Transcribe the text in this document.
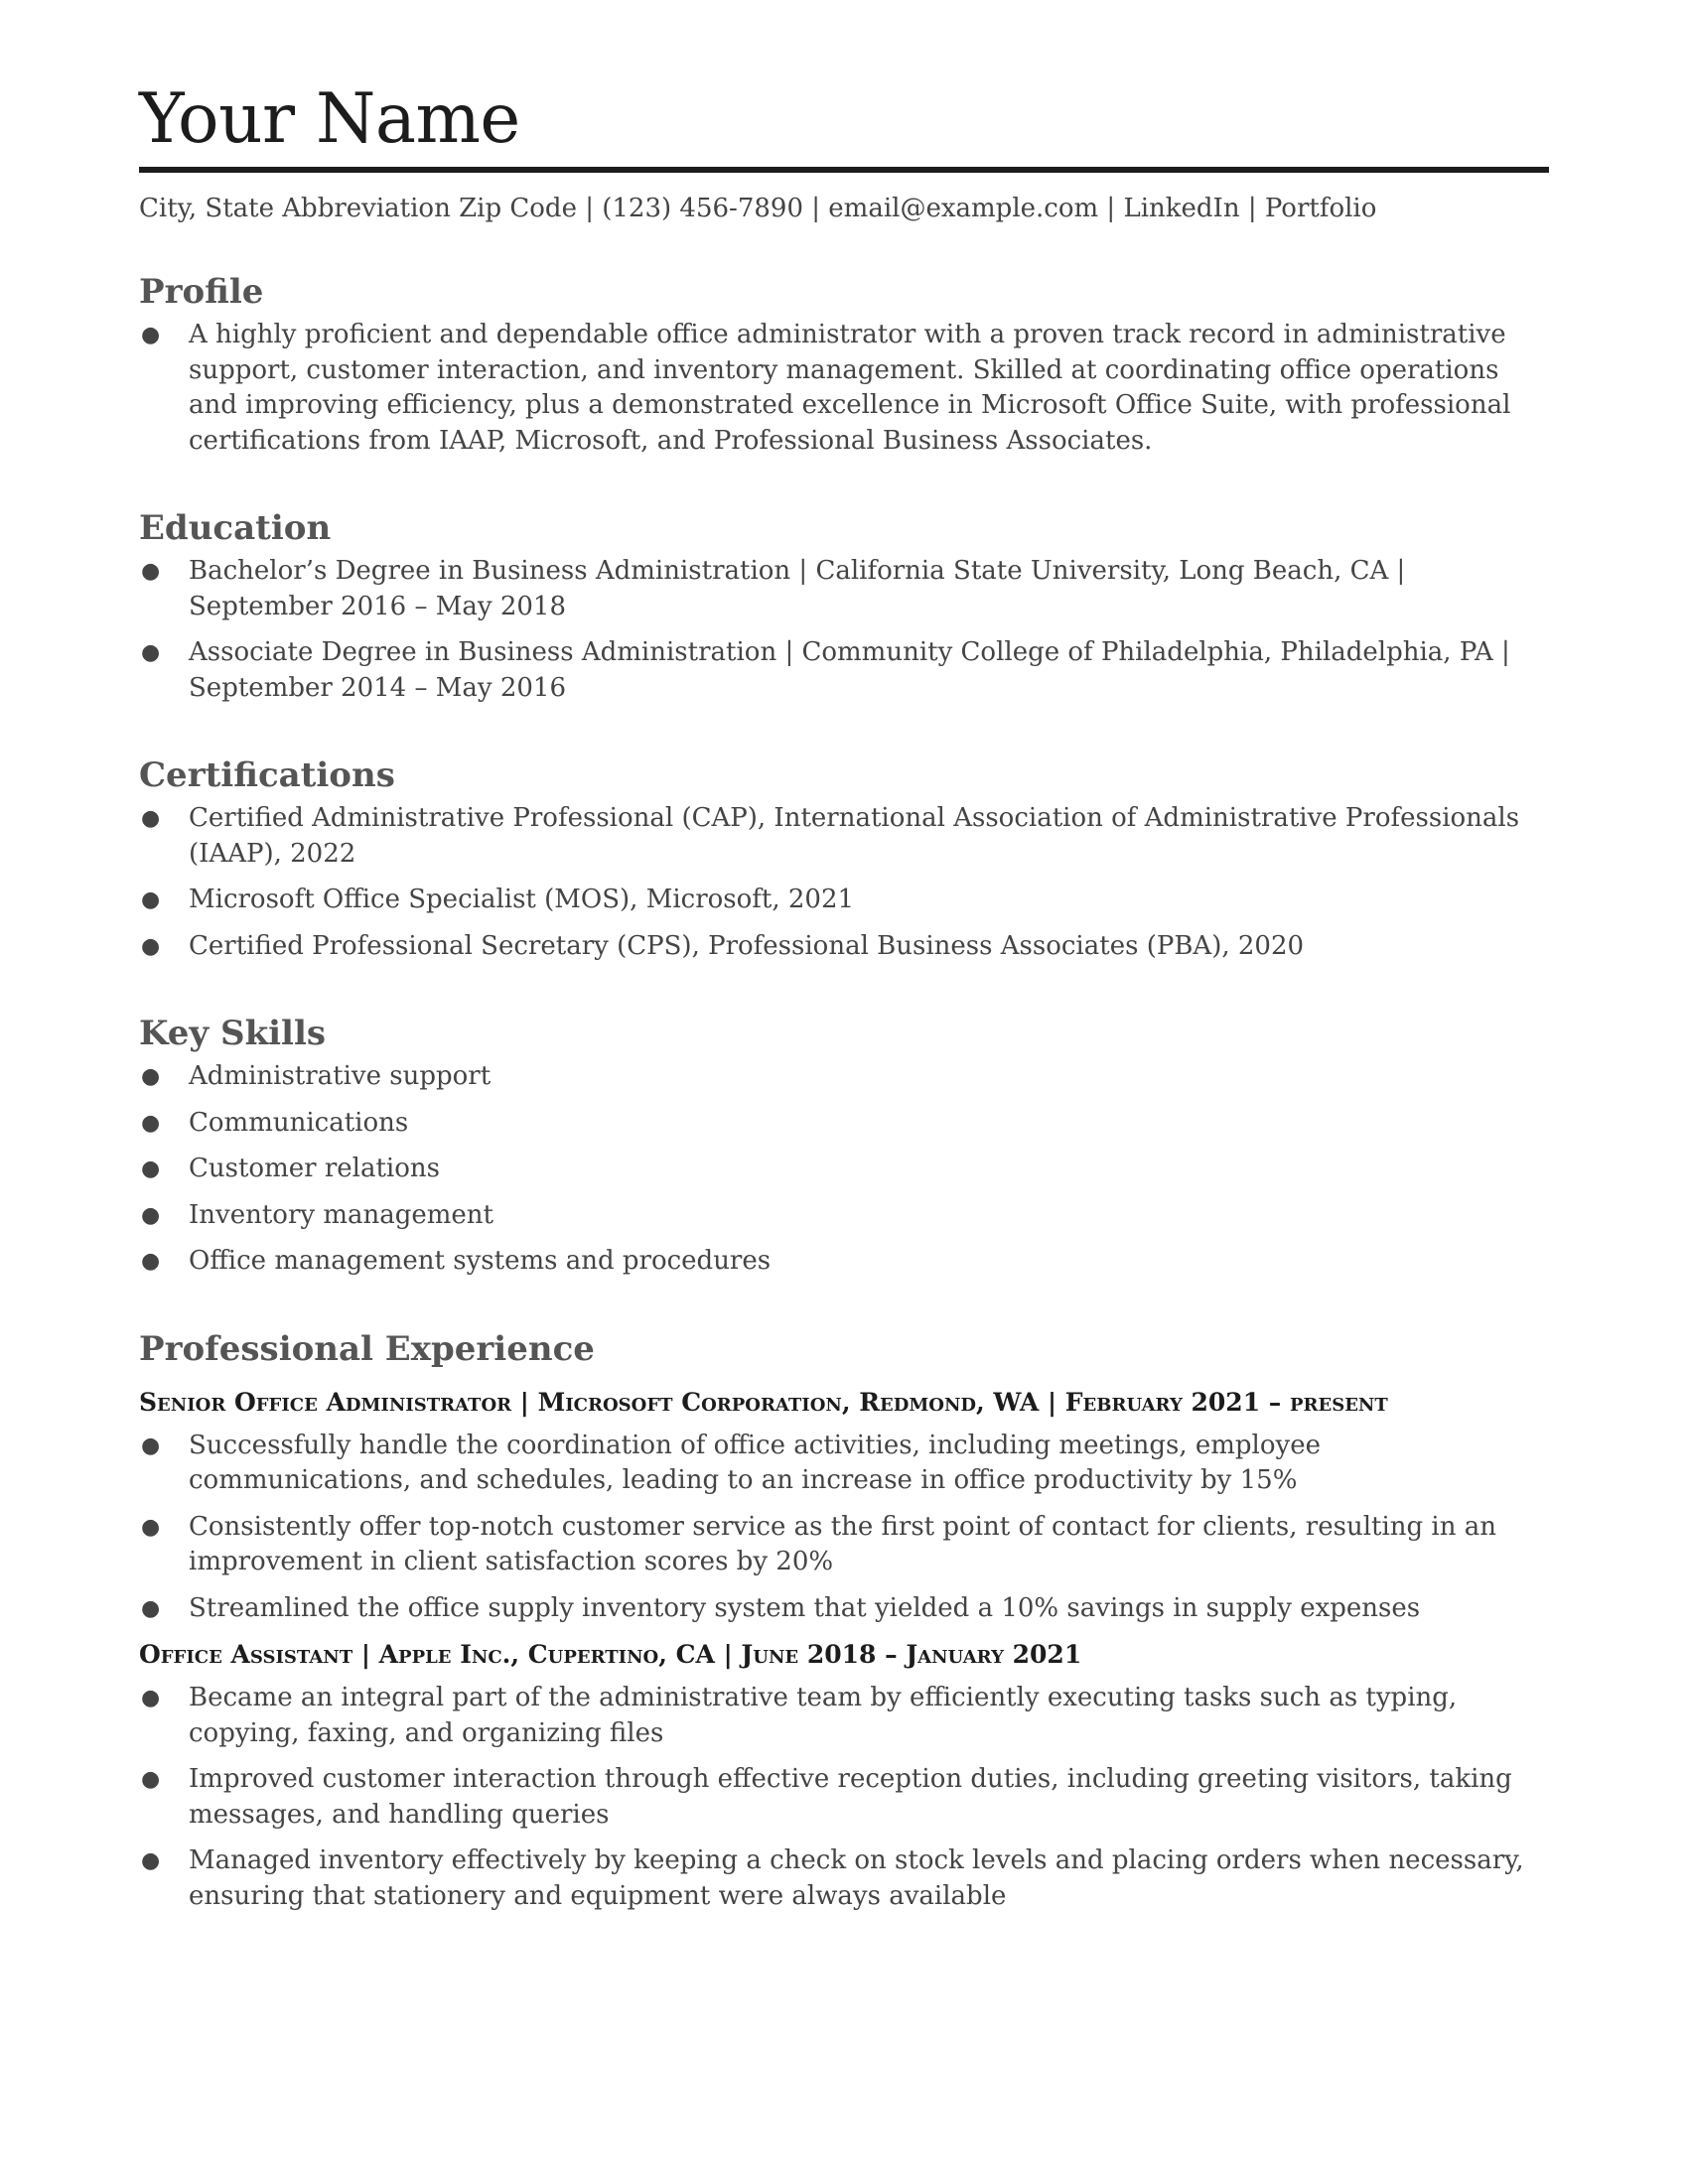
Your Name
City, State Abbreviation Zip Code | (123) 456-7890 | email@example.com | LinkedIn | Portfolio
Profile
● A highly proficient and dependable office administrator with a proven track record in administrative support, customer interaction, and inventory management. Skilled at coordinating office operations and improving efficiency, plus a demonstrated excellence in Microsoft Office Suite, with professional certifications from IAAP, Microsoft, and Professional Business Associates.
Education
● Bachelor’s Degree in Business Administration | California State University, Long Beach, CA | September 2016 – May 2018
● Associate Degree in Business Administration | Community College of Philadelphia, Philadelphia, PA | September 2014 – May 2016
Certifications
● Certified Administrative Professional (CAP), International Association of Administrative Professionals (IAAP), 2022
● Microsoft Office Specialist (MOS), Microsoft, 2021
● Certified Professional Secretary (CPS), Professional Business Associates (PBA), 2020
Key Skills
● Administrative support
● Communications
● Customer relations
● Inventory management
● Office management systems and procedures
Professional Experience
Senior Office Administrator | Microsoft Corporation, Redmond, WA | February 2021 – present
● Successfully handle the coordination of office activities, including meetings, employee communications, and schedules, leading to an increase in office productivity by 15%
● Consistently offer top-notch customer service as the first point of contact for clients, resulting in an improvement in client satisfaction scores by 20%
● Streamlined the office supply inventory system that yielded a 10% savings in supply expenses
Office Assistant | Apple Inc., Cupertino, CA | June 2018 – January 2021
● Became an integral part of the administrative team by efficiently executing tasks such as typing, copying, faxing, and organizing files
● Improved customer interaction through effective reception duties, including greeting visitors, taking messages, and handling queries
● Managed inventory effectively by keeping a check on stock levels and placing orders when necessary, ensuring that stationery and equipment were always available
